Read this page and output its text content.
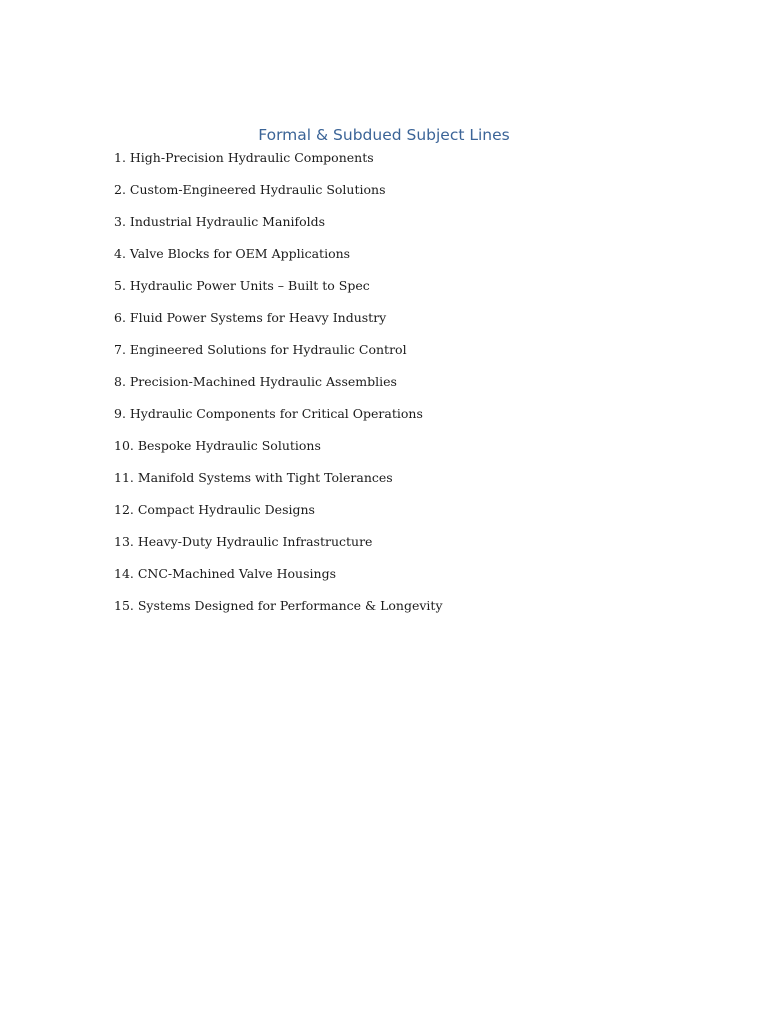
Formal & Subdued Subject Lines
1. High-Precision Hydraulic Components
2. Custom-Engineered Hydraulic Solutions
3. Industrial Hydraulic Manifolds
4. Valve Blocks for OEM Applications
5. Hydraulic Power Units – Built to Spec
6. Fluid Power Systems for Heavy Industry
7. Engineered Solutions for Hydraulic Control
8. Precision-Machined Hydraulic Assemblies
9. Hydraulic Components for Critical Operations
10. Bespoke Hydraulic Solutions
11. Manifold Systems with Tight Tolerances
12. Compact Hydraulic Designs
13. Heavy-Duty Hydraulic Infrastructure
14. CNC-Machined Valve Housings
15. Systems Designed for Performance & Longevity
